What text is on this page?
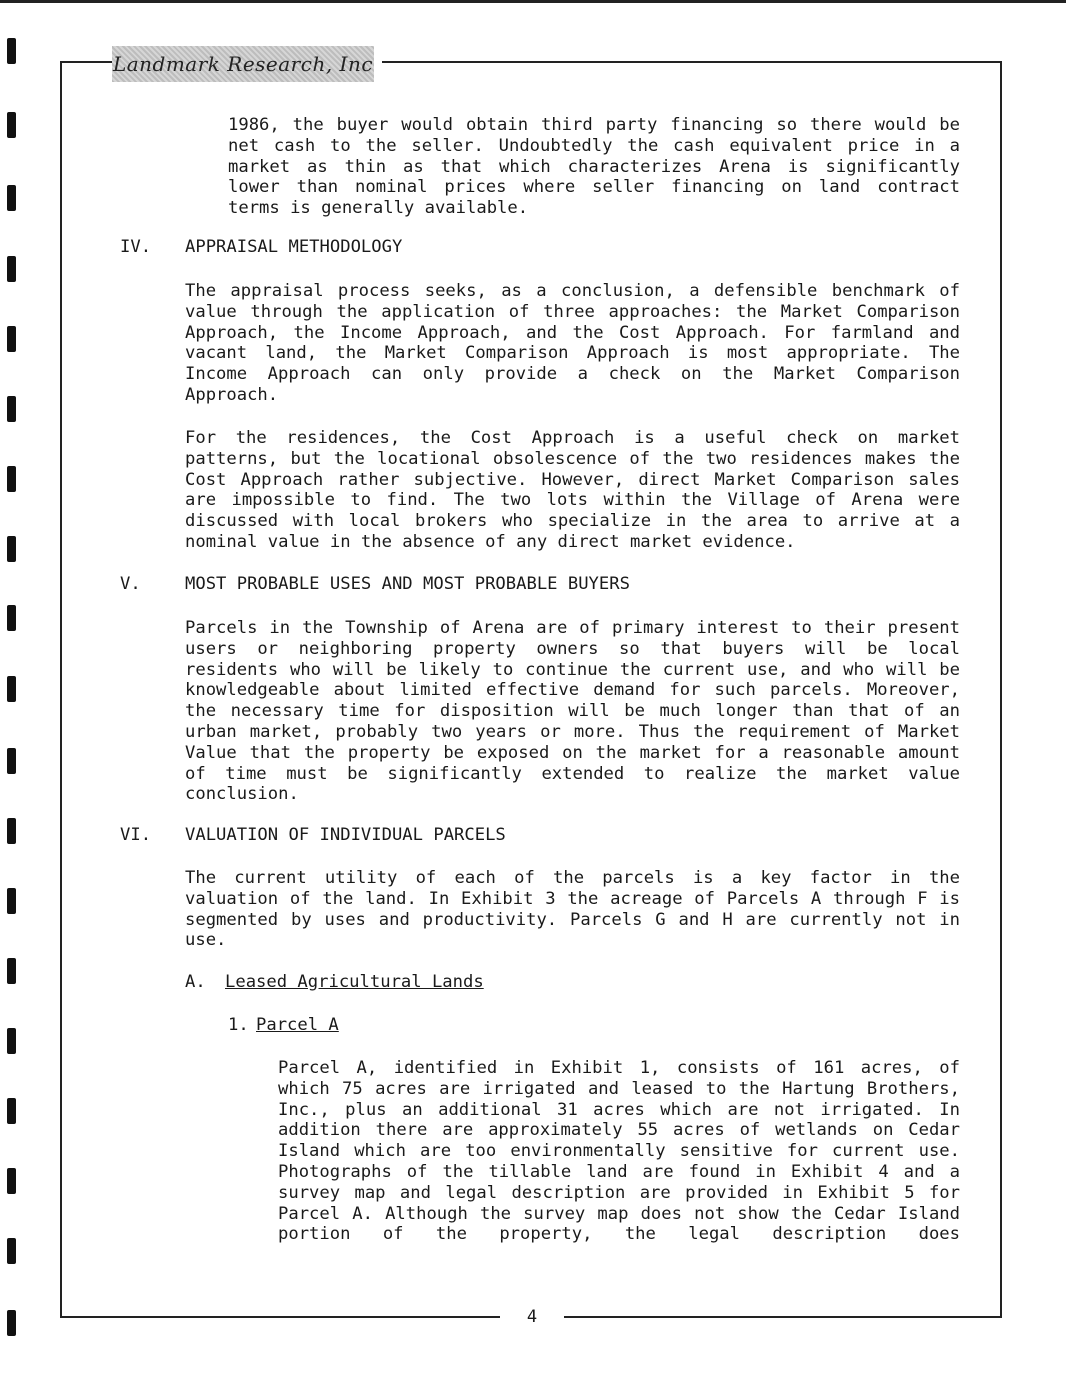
Landmark Research, Inc

1986, the buyer would obtain third party financing so there would be net cash to the seller. Undoubtedly the cash equivalent price in a market as thin as that which characterizes Arena is significantly lower than nominal prices where seller financing on land contract terms is generally available.

IV. APPRAISAL METHODOLOGY

The appraisal process seeks, as a conclusion, a defensible benchmark of value through the application of three approaches: the Market Comparison Approach, the Income Approach, and the Cost Approach. For farmland and vacant land, the Market Comparison Approach is most appropriate. The Income Approach can only provide a check on the Market Comparison Approach.

For the residences, the Cost Approach is a useful check on market patterns, but the locational obsolescence of the two residences makes the Cost Approach rather subjective. However, direct Market Comparison sales are impossible to find. The two lots within the Village of Arena were discussed with local brokers who specialize in the area to arrive at a nominal value in the absence of any direct market evidence.

V.	MOST PROBABLE USES AND MOST PROBABLE BUYERS

Parcels in the Township of Arena are of primary interest to their present users or neighboring property owners so that buyers will be local residents who will be likely to continue the current use, and who will be knowledgeable about limited effective demand for such parcels. Moreover, the necessary time for disposition will be much longer than that of an urban market, probably two years or more. Thus the requirement of Market Value that the property be exposed on the market for a reasonable amount of time must be significantly extended to realize the market value conclusion.

VI. VALUATION OF INDIVIDUAL PARCELS

The current utility of each of the parcels is a key factor in the valuation of the land. In Exhibit 3 the acreage of Parcels A through F is segmented by uses and productivity. Parcels G and H are currently not in use.

A. Leased Agricultural Lands
1. Parcel A

Parcel A, identified in Exhibit 1, consists of 161 acres, of which 75 acres are irrigated and leased to the Hartung Brothers, Inc., plus an additional 31 acres which are not irrigated. In addition there are approximately 55 acres of wetlands on Cedar Island which are too environmentally sensitive for current use. Photographs of the tillable land are found in Exhibit 4 and a survey map and legal description are provided in Exhibit 5 for Parcel A. Although the survey map does not show the Cedar Island portion of the property, the legal description does

4
